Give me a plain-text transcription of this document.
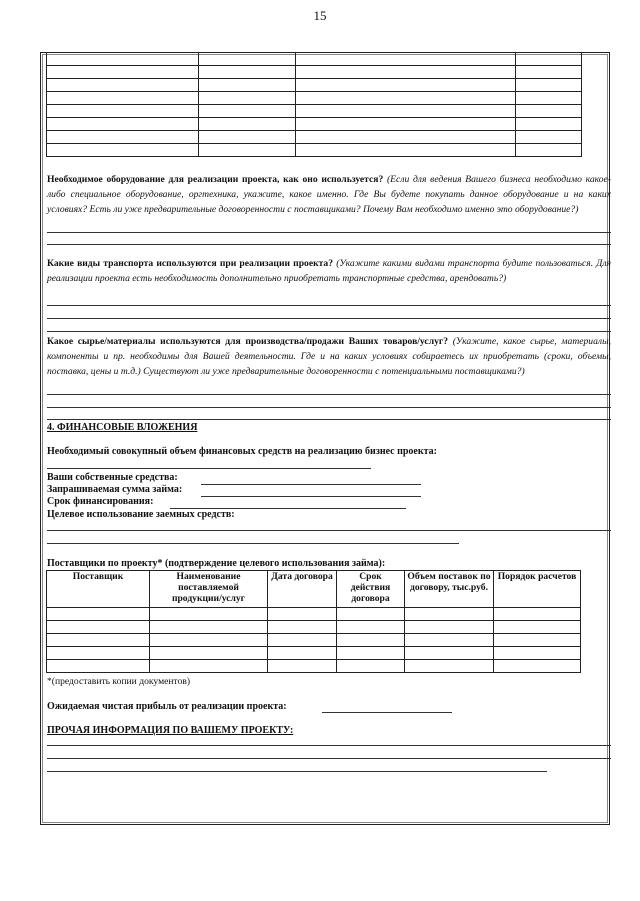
15

Необходимое оборудование для реализации проекта, как оно используется? (Если для ведения Вашего бизнеса необходимо какое-либо специальное оборудование, оргтехника, укажите, какое именно. Где Вы будете покупать данное оборудование и на каких условиях? Есть ли уже предварительные договоренности с поставщиками? Почему Вам необходимо именно это оборудование?)
Какие виды транспорта используются при реализации проекта? (Укажите какими видами транспорта будите пользоваться. Для реализации проекта есть необходимость дополнительно приобретать транспортные средства, арендовать?)
Какое сырье/материалы используются для производства/продажи Ваших товаров/услуг? (Укажите, какое сырье, материалы, компоненты и пр. необходимы для Вашей деятельности. Где и на каких условиях собираетесь их приобретать (сроки, объемы, поставка, цены и т.д.) Существуют ли уже предварительные договоренности с потенциальными поставщиками?)
4. ФИНАНСОВЫЕ ВЛОЖЕНИЯ
Необходимый совокупный объем финансовых средств на реализацию бизнес проекта:
Ваши собственные средства:
Запрашиваемая сумма займа:
Срок финансирования:
Целевое использование заемных средств:
Поставщики по проекту* (подтверждение целевого использования займа):
Поставщик	Наименование поставляемой продукции/услуг	Дата договора	Срок действия договора	Объем поставок по договору, тыс.руб.	Порядок расчетов

*(предоставить копии документов)
Ожидаемая чистая прибыль от реализации проекта:
ПРОЧАЯ ИНФОРМАЦИЯ ПО ВАШЕМУ ПРОЕКТУ:
